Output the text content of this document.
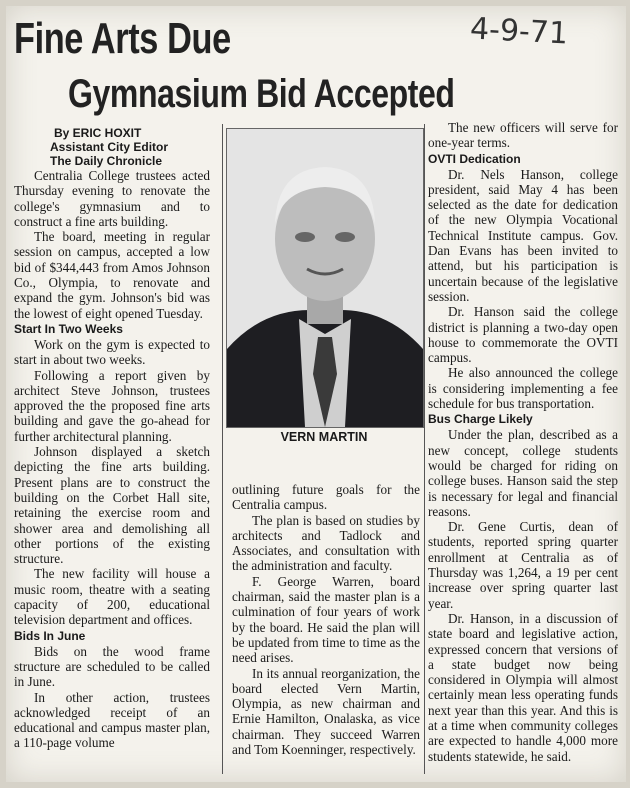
4-9-71
Fine Arts Due
Gymnasium Bid Accepted

By ERIC HOXIT

Assistant City Editor

The Daily Chronicle

Centralia College trustees acted Thursday evening to renovate the college's gymnasium and to construct a fine arts building.

The board, meeting in regular session on campus, accepted a low bid of $344,443 from Amos Johnson Co., Olympia, to renovate and expand the gym. Johnson's bid was the lowest of eight opened Tuesday.

Start In Two Weeks

Work on the gym is expected to start in about two weeks.

Following a report given by architect Steve Johnson, trustees approved the the proposed fine arts building and gave the go-ahead for further architectural planning.

Johnson displayed a sketch depicting the fine arts building. Present plans are to construct the building on the Corbet Hall site, retaining the exercise room and shower area and demolishing all other portions of the existing structure.

The new facility will house a music room, theatre with a seating capacity of 200, educational television department and offices.

Bids In June

Bids on the wood frame structure are scheduled to be called in June.

In other action, trustees acknowledged receipt of an educational and campus master plan, a 110-page volume

VERN MARTIN

outlining future goals for the Centralia campus.

The plan is based on studies by architects and Tadlock and Associates, and consultation with the administration and faculty.

F. George Warren, board chairman, said the master plan is a culmination of four years of work by the board. He said the plan will be updated from time to time as the need arises.

In its annual reorganization, the board elected Vern Martin, Olympia, as new chairman and Ernie Hamilton, Onalaska, as vice chairman. They succeed Warren and Tom Koenninger, respectively.

The new officers will serve for one-year terms.

OVTI Dedication

Dr. Nels Hanson, college president, said May 4 has been selected as the date for dedication of the new Olympia Vocational Technical Institute campus. Gov. Dan Evans has been invited to attend, but his participation is uncertain because of the legislative session.

Dr. Hanson said the college district is planning a two-day open house to commemorate the OVTI campus.

He also announced the college is considering implementing a fee schedule for bus transportation.

Bus Charge Likely

Under the plan, described as a new concept, college students would be charged for riding on college buses. Hanson said the step is necessary for legal and financial reasons.

Dr. Gene Curtis, dean of students, reported spring quarter enrollment at Centralia as of Thursday was 1,264, a 19 per cent increase over spring quarter last year.

Dr. Hanson, in a discussion of state board and legislative action, expressed concern that versions of a state budget now being considered in Olympia will almost certainly mean less operating funds next year than this year. And this is at a time when community colleges are expected to handle 4,000 more students statewide, he said.
